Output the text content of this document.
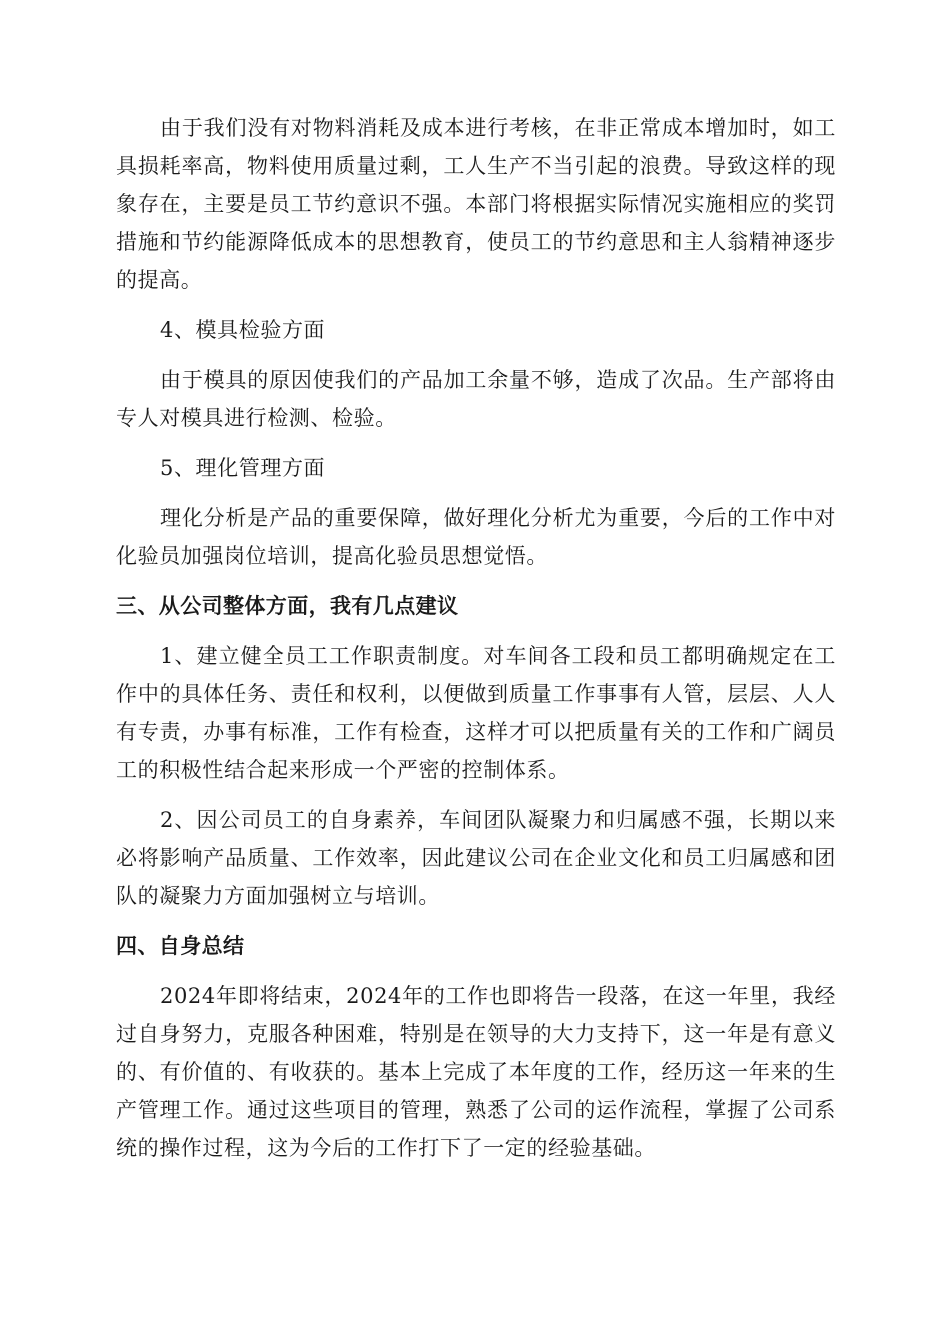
由于我们没有对物料消耗及成本进行考核，在非正常成本增加时，如工具损耗率高，物料使用质量过剩，工人生产不当引起的浪费。导致这样的现象存在，主要是员工节约意识不强。本部门将根据实际情况实施相应的奖罚措施和节约能源降低成本的思想教育，使员工的节约意思和主人翁精神逐步的提高。

4、模具检验方面

由于模具的原因使我们的产品加工余量不够，造成了次品。生产部将由专人对模具进行检测、检验。

5、理化管理方面

理化分析是产品的重要保障，做好理化分析尤为重要，今后的工作中对化验员加强岗位培训，提高化验员思想觉悟。

三、从公司整体方面，我有几点建议

1、建立健全员工工作职责制度。对车间各工段和员工都明确规定在工作中的具体任务、责任和权利，以便做到质量工作事事有人管，层层、人人有专责，办事有标准，工作有检查，这样才可以把质量有关的工作和广阔员工的积极性结合起来形成一个严密的控制体系。

2、因公司员工的自身素养，车间团队凝聚力和归属感不强，长期以来必将影响产品质量、工作效率，因此建议公司在企业文化和员工归属感和团队的凝聚力方面加强树立与培训。

四、自身总结

2024年即将结束，2024年的工作也即将告一段落，在这一年里，我经过自身努力，克服各种困难，特别是在领导的大力支持下，这一年是有意义的、有价值的、有收获的。基本上完成了本年度的工作，经历这一年来的生产管理工作。通过这些项目的管理，熟悉了公司的运作流程，掌握了公司系统的操作过程，这为今后的工作打下了一定的经验基础。
